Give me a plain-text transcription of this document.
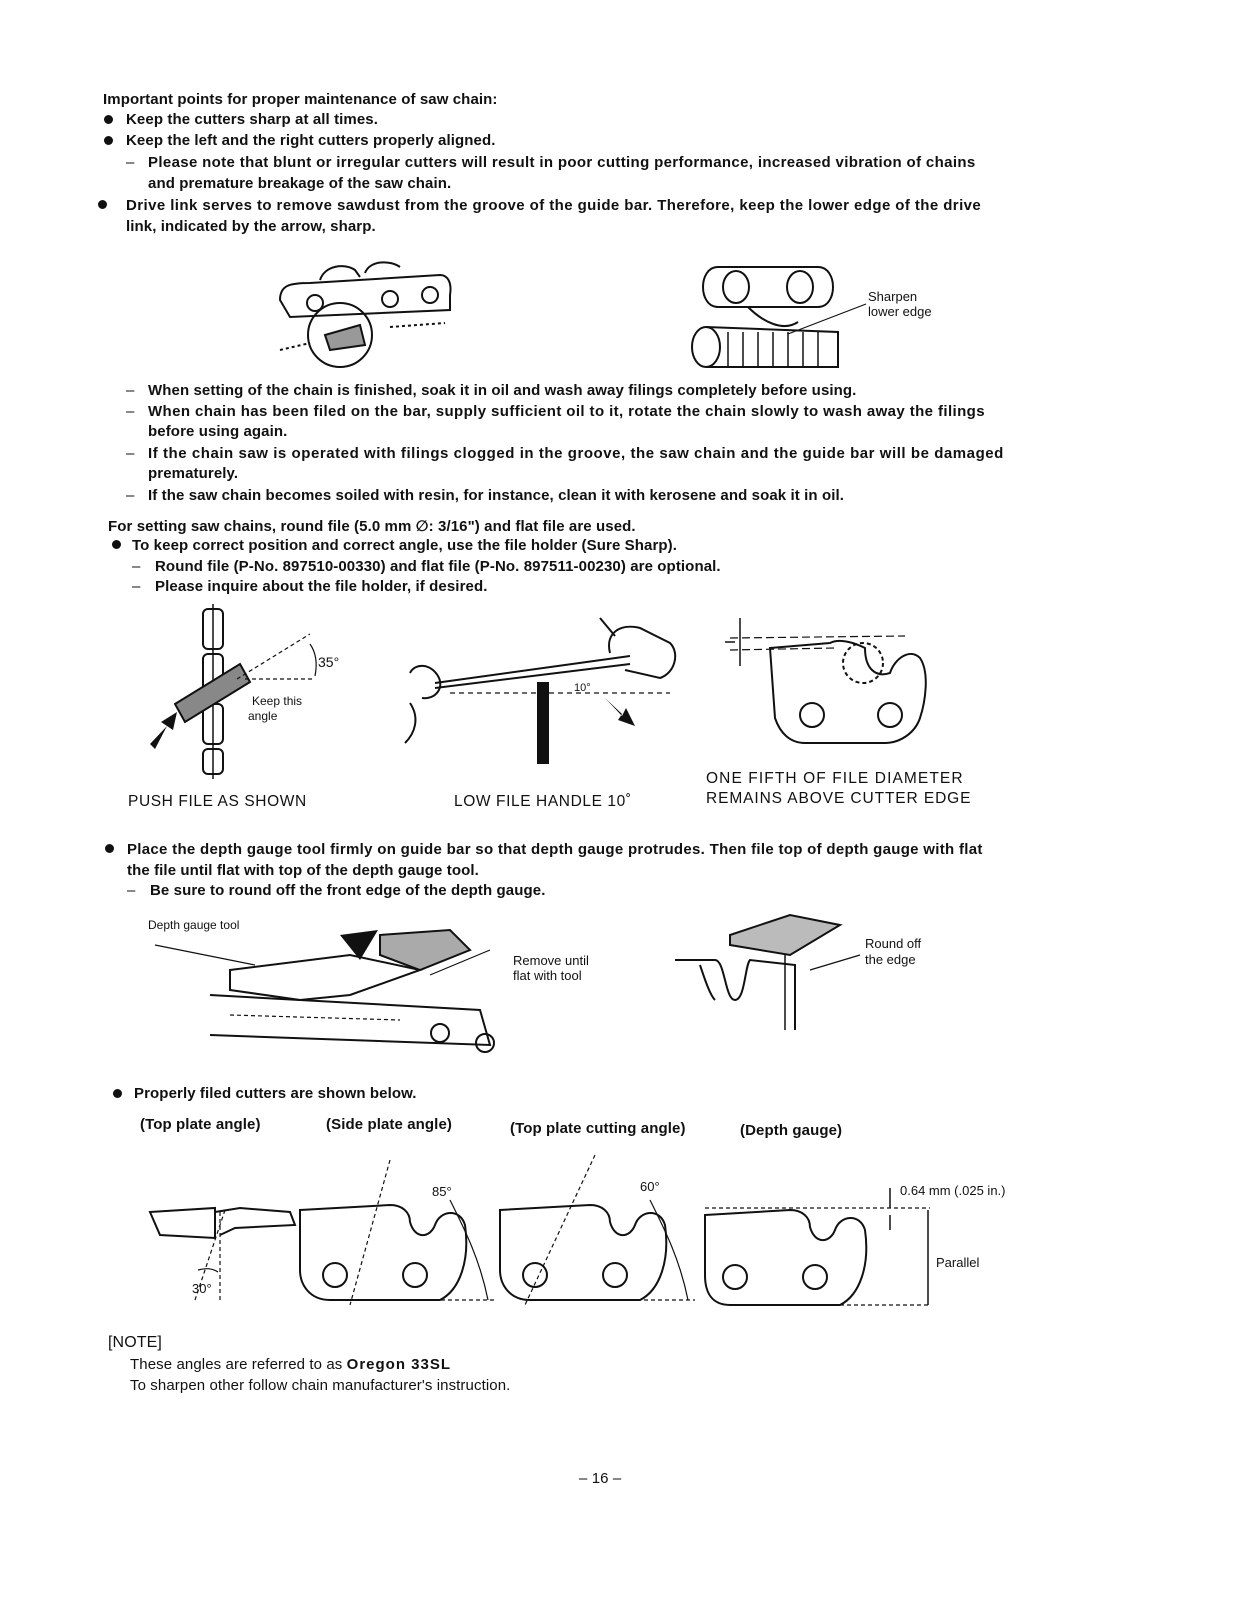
Important points for proper maintenance of saw chain:
Keep the cutters sharp at all times.
Keep the left and the right cutters properly aligned.
– Please note that blunt or irregular cutters will result in poor cutting performance, increased vibration of chains
and premature breakage of the saw chain.
Drive link serves to remove sawdust from the groove of the guide bar. Therefore, keep the lower edge of the drive
link, indicated by the arrow, sharp.
Sharpen
lower edge
– When setting of the chain is finished, soak it in oil and wash away filings completely before using.
– When chain has been filed on the bar, supply sufficient oil to it, rotate the chain slowly to wash away the filings
before using again.
– If the chain saw is operated with filings clogged in the groove, the saw chain and the guide bar will be damaged
prematurely.
– If the saw chain becomes soiled with resin, for instance, clean it with kerosene and soak it in oil.
For setting saw chains, round file (5.0 mm ∅: 3/16") and flat file are used.
To keep correct position and correct angle, use the file holder (Sure Sharp).
– Round file (P-No. 897510-00330) and flat file (P-No. 897511-00230) are optional.
– Please inquire about the file holder, if desired.
35°
Keep this
angle
PUSH FILE AS SHOWN
10°
LOW FILE HANDLE 10˚
ONE FIFTH OF FILE DIAMETER
REMAINS ABOVE CUTTER EDGE
Place the depth gauge tool firmly on guide bar so that depth gauge protrudes. Then file top of depth gauge with flat
the file until flat with top of the depth gauge tool.
– Be sure to round off the front edge of the depth gauge.
Depth gauge tool
Remove until
flat with tool
Round off
the edge
Properly filed cutters are shown below.
(Top plate angle)	(Side plate angle)	(Top plate cutting angle)	(Depth gauge)
30°
85°	60°	0.64 mm (.025 in.)
Parallel
[NOTE]
These angles are referred to as Oregon 33SL
To sharpen other follow chain manufacturer's instruction.
– 16 –
